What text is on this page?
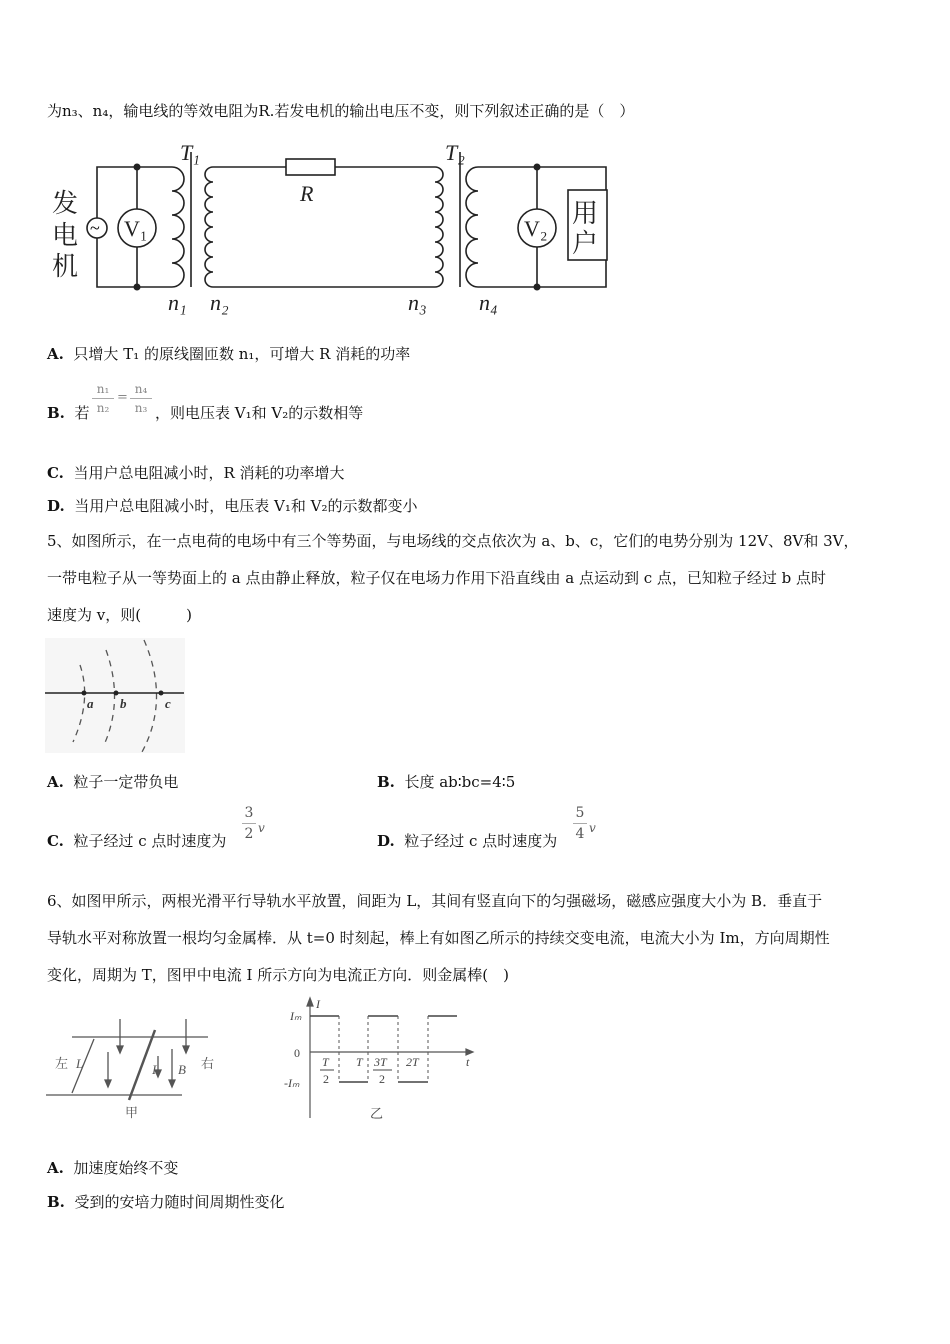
为n₃、n₄，输电线的等效电阻为R.若发电机的输出电压不变，则下列叙述正确的是（　）
发
电
机
用
户
~ V₁	V₂
T₁	T₂
R
n₁ n₂	n₃ n₄
A. 只增大 T₁ 的原线圈匝数 n₁，可增大 R 消耗的功率
B. 若
n₁
n₂
=
n₄
n₃ ，则电压表 V₁和 V₂的示数相等
C. 当用户总电阻减小时，R 消耗的功率增大
D. 当用户总电阻减小时，电压表 V₁和 V₂的示数都变小
5、如图所示，在一点电荷的电场中有三个等势面，与电场线的交点依次为 a、b、c，它们的电势分别为 12V、8V和 3V，
一带电粒子从一等势面上的 a 点由静止释放，粒子仅在电场力作用下沿直线由 a 点运动到 c 点，已知粒子经过 b 点时
速度为 v，则(　　　)
a b	c
A. 粒子一定带负电	B. 长度 ab∶bc=4∶5
C. 粒子经过 c 点时速度为
3
2 v
D. 粒子经过 c 点时速度为
5
4 v
6、如图甲所示，两根光滑平行导轨水平放置，间距为 L，其间有竖直向下的匀强磁场，磁感应强度大小为 B．垂直于
导轨水平对称放置一根均匀金属棒．从 t=0 时刻起，棒上有如图乙所示的持续交变电流，电流大小为 Im，方向周期性
变化，周期为 T，图甲中电流 I 所示方向为电流正方向．则金属棒(　)
左 L	I B 右
甲
I
Iₘ
-Iₘ
0
t
T
2
T 3T
2
2T
乙
A. 加速度始终不变
B. 受到的安培力随时间周期性变化
